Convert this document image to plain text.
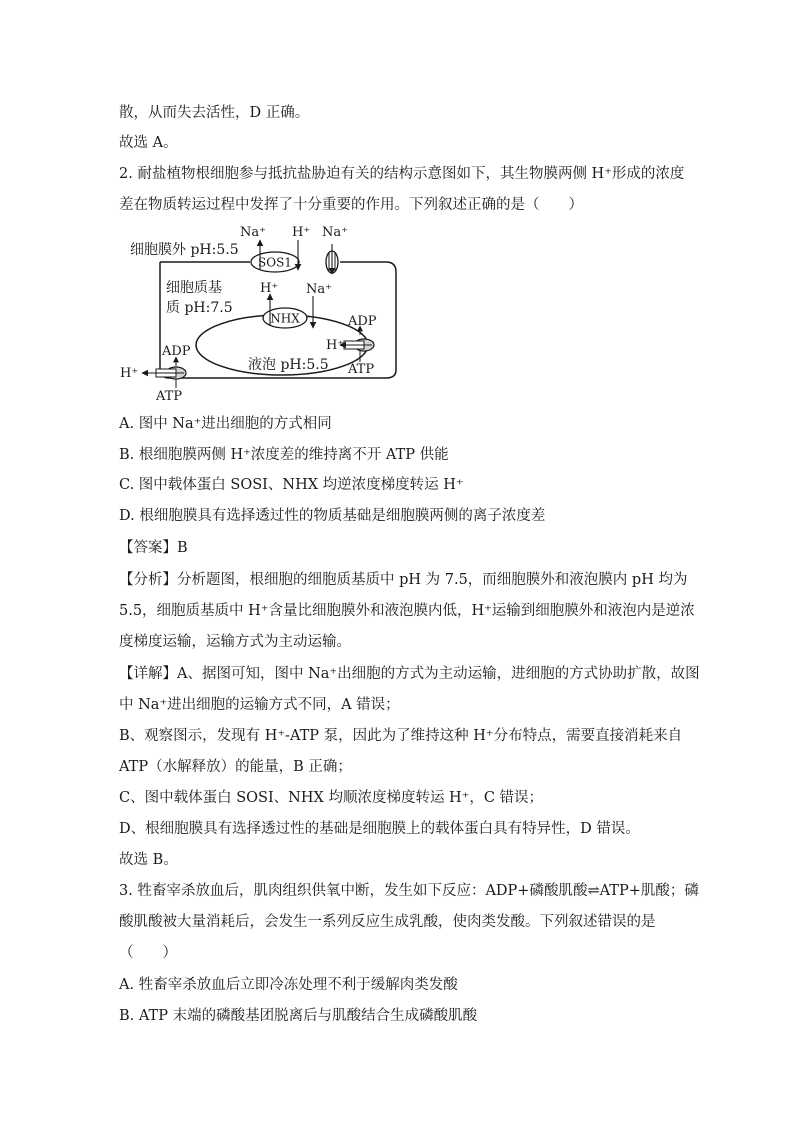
散，从而失去活性，D 正确。
故选 A。
2. 耐盐植物根细胞参与抵抗盐胁迫有关的结构示意图如下，其生物膜两侧 H⁺形成的浓度
差在物质转运过程中发挥了十分重要的作用。下列叙述正确的是（　　）
SOS1
NHX
细胞膜外 pH:5.5
细胞质基
质 pH:7.5
液泡 pH:5.5
Na⁺ H⁺ Na⁺
H⁺ Na⁺
ADP
H⁺
ATP
ADP
H⁺
ATP
A. 图中 Na⁺进出细胞的方式相同
B. 根细胞膜两侧 H⁺浓度差的维持离不开 ATP 供能
C. 图中载体蛋白 SOSI、NHX 均逆浓度梯度转运 H⁺
D. 根细胞膜具有选择透过性的物质基础是细胞膜两侧的离子浓度差
【答案】B
【分析】分析题图，根细胞的细胞质基质中 pH 为 7.5，而细胞膜外和液泡膜内 pH 均为
5.5，细胞质基质中 H⁺含量比细胞膜外和液泡膜内低，H⁺运输到细胞膜外和液泡内是逆浓
度梯度运输，运输方式为主动运输。
【详解】A、据图可知，图中 Na⁺出细胞的方式为主动运输，进细胞的方式协助扩散，故图
中 Na⁺进出细胞的运输方式不同，A 错误；
B、观察图示，发现有 H⁺-ATP 泵，因此为了维持这种 H⁺分布特点，需要直接消耗来自
ATP（水解释放）的能量，B 正确；
C、图中载体蛋白 SOSI、NHX 均顺浓度梯度转运 H⁺，C 错误；
D、根细胞膜具有选择透过性的基础是细胞膜上的载体蛋白具有特异性，D 错误。
故选 B。
3. 牲畜宰杀放血后，肌肉组织供氧中断，发生如下反应：ADP+磷酸肌酸⇌ATP+肌酸；磷
酸肌酸被大量消耗后，会发生一系列反应生成乳酸，使肉类发酸。下列叙述错误的是
（　　）
A. 牲畜宰杀放血后立即冷冻处理不利于缓解肉类发酸
B. ATP 末端的磷酸基团脱离后与肌酸结合生成磷酸肌酸
